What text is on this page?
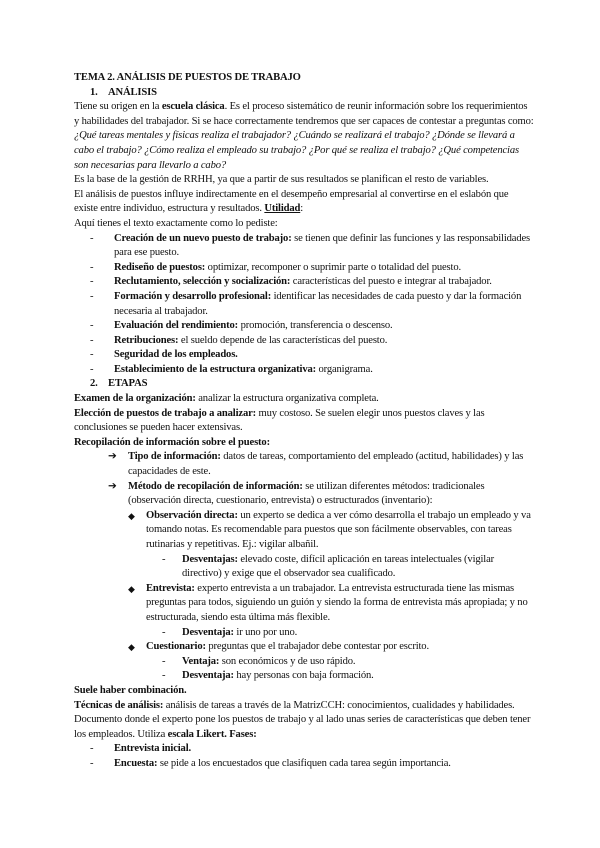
TEMA 2. ANÁLISIS DE PUESTOS DE TRABAJO
1. ANÁLISIS
Tiene su origen en la escuela clásica. Es el proceso sistemático de reunir información sobre los requerimientos y habilidades del trabajador. Si se hace correctamente tendremos que ser capaces de contestar a preguntas como: ¿Qué tareas mentales y físicas realiza el trabajador? ¿Cuándo se realizará el trabajo? ¿Dónde se llevará a cabo el trabajo? ¿Cómo realiza el empleado su trabajo? ¿Por qué se realiza el trabajo? ¿Qué competencias son necesarias para llevarlo a cabo?
Es la base de la gestión de RRHH, ya que a partir de sus resultados se planifican el resto de variables.
El análisis de puestos influye indirectamente en el desempeño empresarial al convertirse en el eslabón que existe entre individuo, estructura y resultados. Utilidad:
Aquí tienes el texto exactamente como lo pediste:
- Creación de un nuevo puesto de trabajo: se tienen que definir las funciones y las responsabilidades para ese puesto.
- Rediseño de puestos: optimizar, recomponer o suprimir parte o totalidad del puesto.
- Reclutamiento, selección y socialización: características del puesto e integrar al trabajador.
- Formación y desarrollo profesional: identificar las necesidades de cada puesto y dar la formación necesaria al trabajador.
- Evaluación del rendimiento: promoción, transferencia o descenso.
- Retribuciones: el sueldo depende de las características del puesto.
- Seguridad de los empleados.
- Establecimiento de la estructura organizativa: organigrama.
2. ETAPAS
Examen de la organización: analizar la estructura organizativa completa.
Elección de puestos de trabajo a analizar: muy costoso. Se suelen elegir unos puestos claves y las conclusiones se pueden hacer extensivas.
Recopilación de información sobre el puesto:
➔ Tipo de información: datos de tareas, comportamiento del empleado (actitud, habilidades) y las capacidades de este.
➔ Método de recopilación de información: se utilizan diferentes métodos: tradicionales (observación directa, cuestionario, entrevista) o estructurados (inventario):
◆ Observación directa: un experto se dedica a ver cómo desarrolla el trabajo un empleado y va tomando notas. Es recomendable para puestos que son fácilmente observables, con tareas rutinarias y repetitivas. Ej.: vigilar albañil.
- Desventajas: elevado coste, difícil aplicación en tareas intelectuales (vigilar directivo) y exige que el observador sea cualificado.
◆ Entrevista: experto entrevista a un trabajador. La entrevista estructurada tiene las mismas preguntas para todos, siguiendo un guión y siendo la forma de entrevista más apropiada; y no estructurada, siendo esta última más flexible.
- Desventaja: ir uno por uno.
◆ Cuestionario: preguntas que el trabajador debe contestar por escrito.
- Ventaja: son económicos y de uso rápido.
- Desventaja: hay personas con baja formación.
Suele haber combinación.
Técnicas de análisis: análisis de tareas a través de la MatrizCCH: conocimientos, cualidades y habilidades. Documento donde el experto pone los puestos de trabajo y al lado unas series de características que deben tener los empleados. Utiliza escala Likert. Fases:
- Entrevista inicial.
- Encuesta: se pide a los encuestados que clasifiquen cada tarea según importancia.
